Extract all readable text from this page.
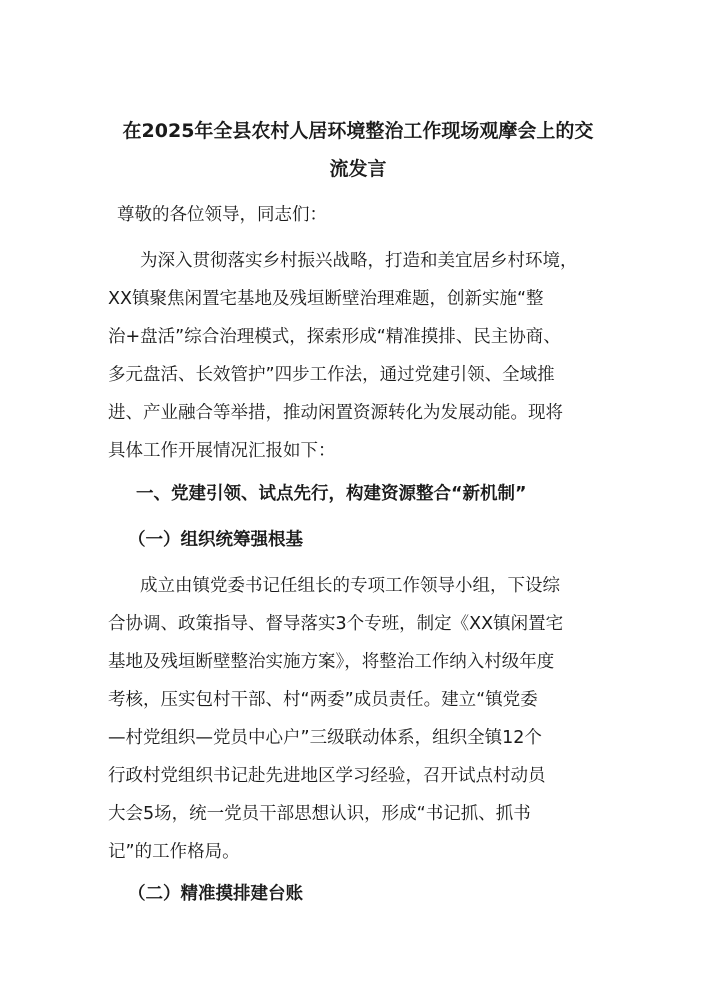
在2025年全县农村人居环境整治工作现场观摩会上的交
流发言

尊敬的各位领导，同志们：

为深入贯彻落实乡村振兴战略，打造和美宜居乡村环境，

XX镇聚焦闲置宅基地及残垣断壁治理难题，创新实施“整

治+盘活”综合治理模式，探索形成“精准摸排、民主协商、

多元盘活、长效管护”四步工作法，通过党建引领、全域推

进、产业融合等举措，推动闲置资源转化为发展动能。现将

具体工作开展情况汇报如下：

一、党建引领、试点先行，构建资源整合“新机制”
（一）组织统筹强根基

成立由镇党委书记任组长的专项工作领导小组，下设综

合协调、政策指导、督导落实3个专班，制定《XX镇闲置宅

基地及残垣断壁整治实施方案》，将整治工作纳入村级年度

考核，压实包村干部、村“两委”成员责任。建立“镇党委

—村党组织—党员中心户”三级联动体系，组织全镇12个

行政村党组织书记赴先进地区学习经验，召开试点村动员

大会5场，统一党员干部思想认识，形成“书记抓、抓书

记”的工作格局。

（二）精准摸排建台账
